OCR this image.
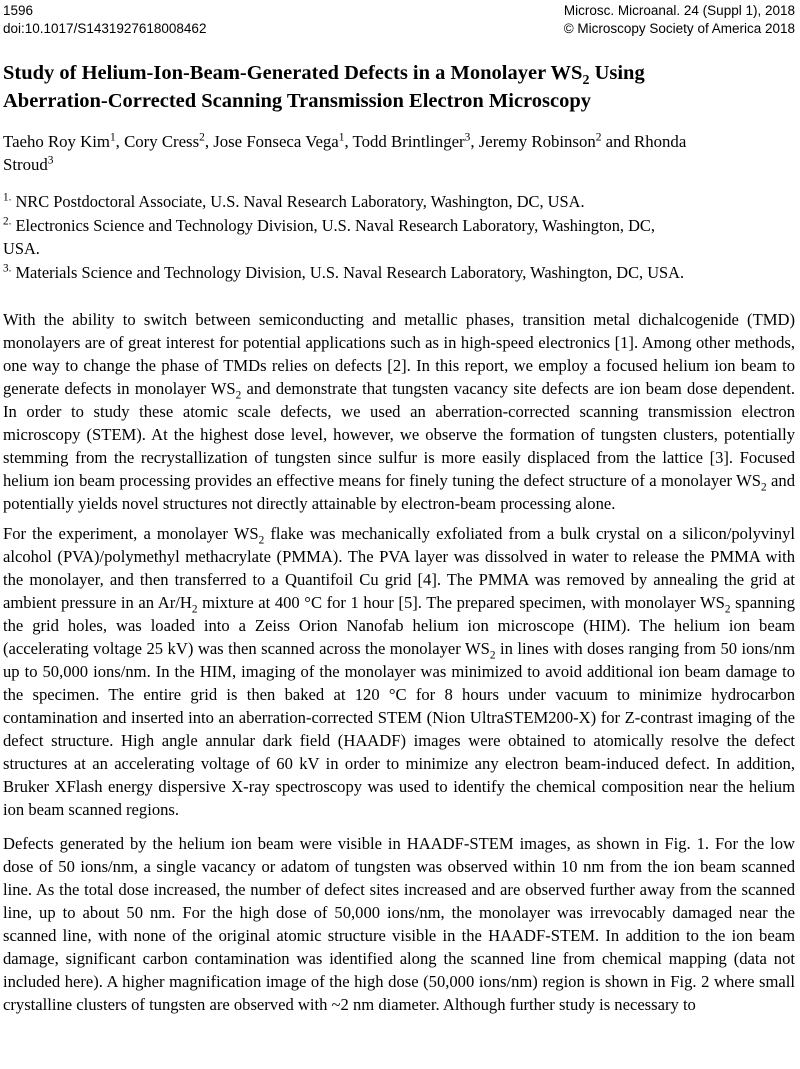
1596
doi:10.1017/S1431927618008462
Microsc. Microanal. 24 (Suppl 1), 2018
© Microscopy Society of America 2018
Study of Helium-Ion-Beam-Generated Defects in a Monolayer $WS_2$ Using
Aberration-Corrected Scanning Transmission Electron Microscopy

Taeho Roy Kim$^1$, Cory Cress$^2$, Jose Fonseca Vega$^1$, Todd Brintlinger$^3$, Jeremy Robinson$^2$ and Rhonda
Stroud$^3$

$^{1.}$ NRC Postdoctoral Associate, U.S. Naval Research Laboratory, Washington, DC, USA.
$^{2.}$ Electronics Science and Technology Division, U.S. Naval Research Laboratory, Washington, DC,
USA.
$^{3.}$ Materials Science and Technology Division, U.S. Naval Research Laboratory, Washington, DC, USA.

With the ability to switch between semiconducting and metallic phases, transition metal dichalcogenide (TMD) monolayers are of great interest for potential applications such as in high-speed electronics [1]. Among other methods, one way to change the phase of TMDs relies on defects [2]. In this report, we employ a focused helium ion beam to generate defects in monolayer $WS_2$ and demonstrate that tungsten vacancy site defects are ion beam dose dependent. In order to study these atomic scale defects, we used an aberration-corrected scanning transmission electron microscopy (STEM). At the highest dose level, however, we observe the formation of tungsten clusters, potentially stemming from the recrystallization of tungsten since sulfur is more easily displaced from the lattice [3]. Focused helium ion beam processing provides an effective means for finely tuning the defect structure of a monolayer $WS_2$ and potentially yields novel structures not directly attainable by electron-beam processing alone.

For the experiment, a monolayer $WS_2$ flake was mechanically exfoliated from a bulk crystal on a silicon/polyvinyl alcohol (PVA)/polymethyl methacrylate (PMMA). The PVA layer was dissolved in water to release the PMMA with the monolayer, and then transferred to a Quantifoil Cu grid [4]. The PMMA was removed by annealing the grid at ambient pressure in an $Ar/H_2$ mixture at 400 °C for 1 hour [5]. The prepared specimen, with monolayer $WS_2$ spanning the grid holes, was loaded into a Zeiss Orion Nanofab helium ion microscope (HIM). The helium ion beam (accelerating voltage 25 kV) was then scanned across the monolayer $WS_2$ in lines with doses ranging from 50 ions/nm up to 50,000 ions/nm. In the HIM, imaging of the monolayer was minimized to avoid additional ion beam damage to the specimen. The entire grid is then baked at 120 °C for 8 hours under vacuum to minimize hydrocarbon contamination and inserted into an aberration-corrected STEM (Nion UltraSTEM200-X) for Z-contrast imaging of the defect structure. High angle annular dark field (HAADF) images were obtained to atomically resolve the defect structures at an accelerating voltage of 60 kV in order to minimize any electron beam-induced defect. In addition, Bruker XFlash energy dispersive X-ray spectroscopy was used to identify the chemical composition near the helium ion beam scanned regions.

Defects generated by the helium ion beam were visible in HAADF-STEM images, as shown in Fig. 1. For the low dose of 50 ions/nm, a single vacancy or adatom of tungsten was observed within 10 nm from the ion beam scanned line. As the total dose increased, the number of defect sites increased and are observed further away from the scanned line, up to about 50 nm. For the high dose of 50,000 ions/nm, the monolayer was irrevocably damaged near the scanned line, with none of the original atomic structure visible in the HAADF-STEM. In addition to the ion beam damage, significant carbon contamination was identified along the scanned line from chemical mapping (data not included here). A higher magnification image of the high dose (50,000 ions/nm) region is shown in Fig. 2 where small crystalline clusters of tungsten are observed with ~2 nm diameter. Although further study is necessary to
